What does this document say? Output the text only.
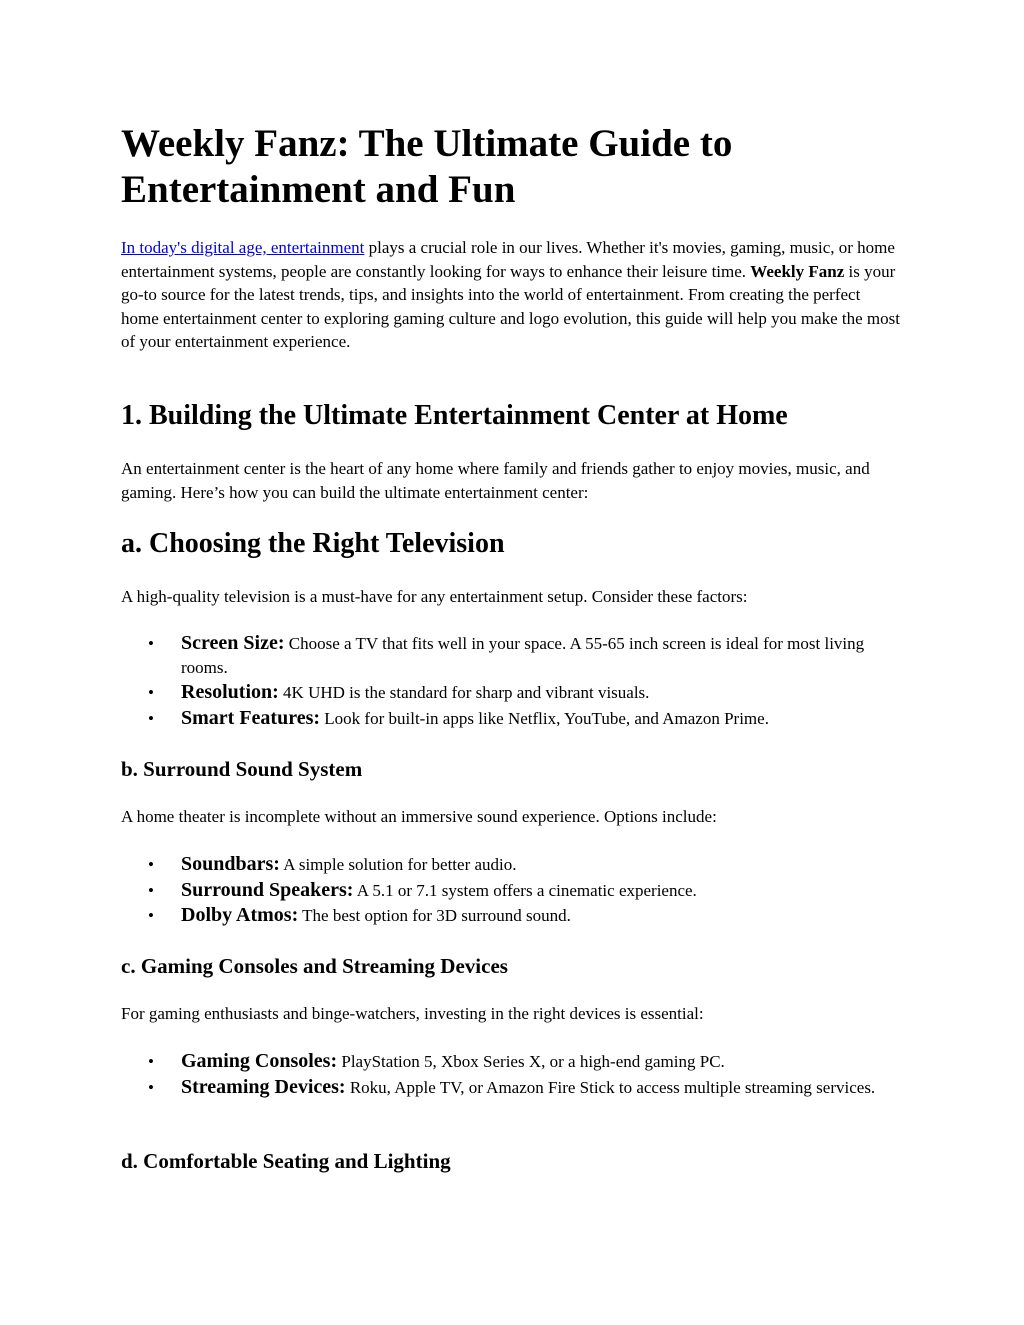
Weekly Fanz: The Ultimate Guide to Entertainment and Fun

In today's digital age, entertainment plays a crucial role in our lives. Whether it's movies, gaming, music, or home entertainment systems, people are constantly looking for ways to enhance their leisure time. Weekly Fanz is your go-to source for the latest trends, tips, and insights into the world of entertainment. From creating the perfect home entertainment center to exploring gaming culture and logo evolution, this guide will help you make the most of your entertainment experience.

1. Building the Ultimate Entertainment Center at Home

An entertainment center is the heart of any home where family and friends gather to enjoy movies, music, and gaming. Here’s how you can build the ultimate entertainment center:

a. Choosing the Right Television

A high-quality television is a must-have for any entertainment setup. Consider these factors:

• Screen Size: Choose a TV that fits well in your space. A 55-65 inch screen is ideal for most living rooms.
• Resolution: 4K UHD is the standard for sharp and vibrant visuals.
• Smart Features: Look for built-in apps like Netflix, YouTube, and Amazon Prime.
b. Surround Sound System

A home theater is incomplete without an immersive sound experience. Options include:

• Soundbars: A simple solution for better audio.
• Surround Speakers: A 5.1 or 7.1 system offers a cinematic experience.
• Dolby Atmos: The best option for 3D surround sound.
c. Gaming Consoles and Streaming Devices

For gaming enthusiasts and binge-watchers, investing in the right devices is essential:

• Gaming Consoles: PlayStation 5, Xbox Series X, or a high-end gaming PC.
• Streaming Devices: Roku, Apple TV, or Amazon Fire Stick to access multiple streaming services.
d. Comfortable Seating and Lighting
